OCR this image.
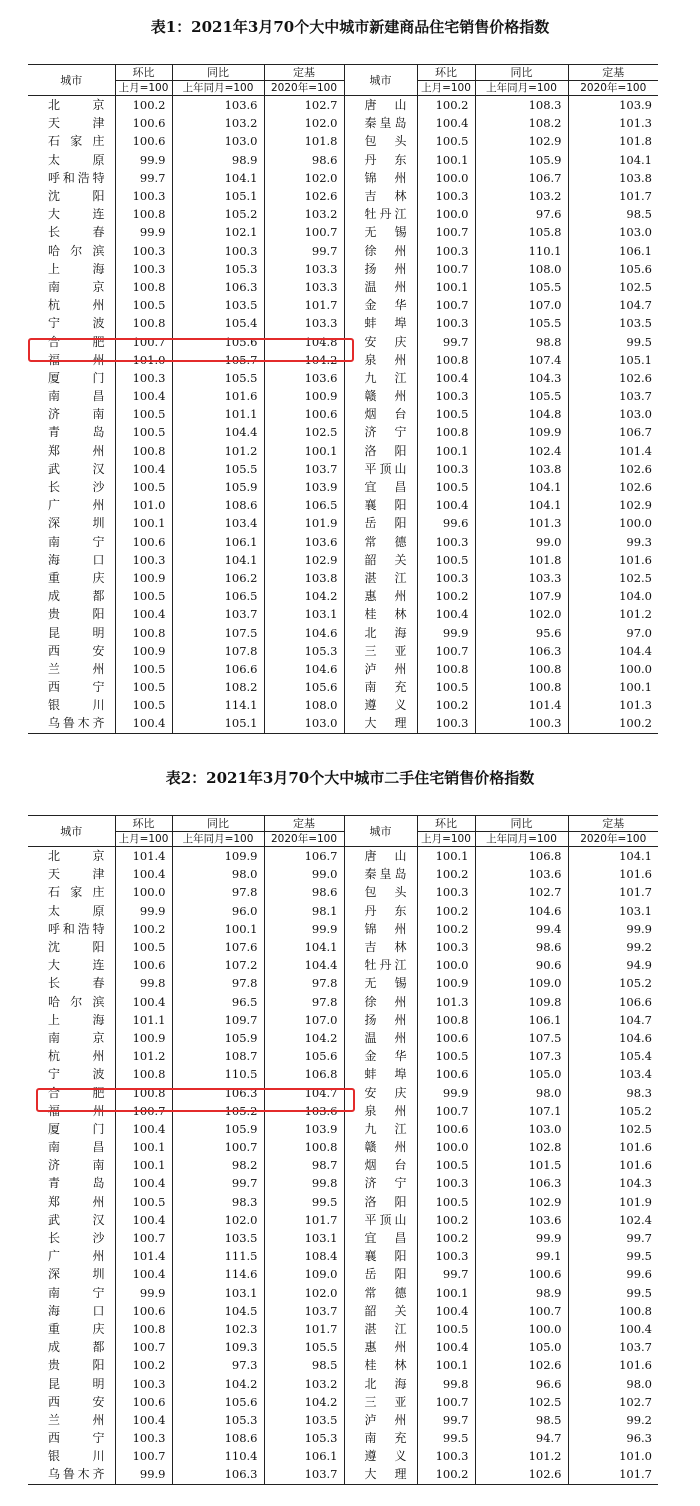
表1：2021年3月70个大中城市新建商品住宅销售价格指数
城市	环比	同比	定基	城市	环比	同比	定基
	上月=100	上年同月=100	2020年=100		上月=100	上年同月=100	2020年=100
北京	100.2	103.6	102.7	唐山	100.2	108.3	103.9
天津	100.6	103.2	102.0	秦皇岛	100.4	108.2	101.3
石家庄	100.6	103.0	101.8	包头	100.5	102.9	101.8
太原	99.9	98.9	98.6	丹东	100.1	105.9	104.1
呼和浩特	99.7	104.1	102.0	锦州	100.0	106.7	103.8
沈阳	100.3	105.1	102.6	吉林	100.3	103.2	101.7
大连	100.8	105.2	103.2	牡丹江	100.0	97.6	98.5
长春	99.9	102.1	100.7	无锡	100.7	105.8	103.0
哈尔滨	100.3	100.3	99.7	徐州	100.3	110.1	106.1
上海	100.3	105.3	103.3	扬州	100.7	108.0	105.6
南京	100.8	106.3	103.3	温州	100.1	105.5	102.5
杭州	100.5	103.5	101.7	金华	100.7	107.0	104.7
宁波	100.8	105.4	103.3	蚌埠	100.3	105.5	103.5
合肥	100.7	105.6	104.8	安庆	99.7	98.8	99.5
福州	101.0	105.7	104.2	泉州	100.8	107.4	105.1
厦门	100.3	105.5	103.6	九江	100.4	104.3	102.6
南昌	100.4	101.6	100.9	赣州	100.3	105.5	103.7
济南	100.5	101.1	100.6	烟台	100.5	104.8	103.0
青岛	100.5	104.4	102.5	济宁	100.8	109.9	106.7
郑州	100.8	101.2	100.1	洛阳	100.1	102.4	101.4
武汉	100.4	105.5	103.7	平顶山	100.3	103.8	102.6
长沙	100.5	105.9	103.9	宜昌	100.5	104.1	102.6
广州	101.0	108.6	106.5	襄阳	100.4	104.1	102.9
深圳	100.1	103.4	101.9	岳阳	99.6	101.3	100.0
南宁	100.6	106.1	103.6	常德	100.3	99.0	99.3
海口	100.3	104.1	102.9	韶关	100.5	101.8	101.6
重庆	100.9	106.2	103.8	湛江	100.3	103.3	102.5
成都	100.5	106.5	104.2	惠州	100.2	107.9	104.0
贵阳	100.4	103.7	103.1	桂林	100.4	102.0	101.2
昆明	100.8	107.5	104.6	北海	99.9	95.6	97.0
西安	100.9	107.8	105.3	三亚	100.7	106.3	104.4
兰州	100.5	106.6	104.6	泸州	100.8	100.8	100.0
西宁	100.5	108.2	105.6	南充	100.5	100.8	100.1
银川	100.5	114.1	108.0	遵义	100.2	101.4	101.3
乌鲁木齐	100.4	105.1	103.0	大理	100.3	100.3	100.2
表2：2021年3月70个大中城市二手住宅销售价格指数
城市	环比	同比	定基	城市	环比	同比	定基
	上月=100	上年同月=100	2020年=100		上月=100	上年同月=100	2020年=100
北京	101.4	109.9	106.7	唐山	100.1	106.8	104.1
天津	100.4	98.0	99.0	秦皇岛	100.2	103.6	101.6
石家庄	100.0	97.8	98.6	包头	100.3	102.7	101.7
太原	99.9	96.0	98.1	丹东	100.2	104.6	103.1
呼和浩特	100.2	100.1	99.9	锦州	100.2	99.4	99.9
沈阳	100.5	107.6	104.1	吉林	100.3	98.6	99.2
大连	100.6	107.2	104.4	牡丹江	100.0	90.6	94.9
长春	99.8	97.8	97.8	无锡	100.9	109.0	105.2
哈尔滨	100.4	96.5	97.8	徐州	101.3	109.8	106.6
上海	101.1	109.7	107.0	扬州	100.8	106.1	104.7
南京	100.9	105.9	104.2	温州	100.6	107.5	104.6
杭州	101.2	108.7	105.6	金华	100.5	107.3	105.4
宁波	100.8	110.5	106.8	蚌埠	100.6	105.0	103.4
合肥	100.8	106.3	104.7	安庆	99.9	98.0	98.3
福州	100.7	105.2	103.6	泉州	100.7	107.1	105.2
厦门	100.4	105.9	103.9	九江	100.6	103.0	102.5
南昌	100.1	100.7	100.8	赣州	100.0	102.8	101.6
济南	100.1	98.2	98.7	烟台	100.5	101.5	101.6
青岛	100.4	99.7	99.8	济宁	100.3	106.3	104.3
郑州	100.5	98.3	99.5	洛阳	100.5	102.9	101.9
武汉	100.4	102.0	101.7	平顶山	100.2	103.6	102.4
长沙	100.7	103.5	103.1	宜昌	100.2	99.9	99.7
广州	101.4	111.5	108.4	襄阳	100.3	99.1	99.5
深圳	100.4	114.6	109.0	岳阳	99.7	100.6	99.6
南宁	99.9	103.1	102.0	常德	100.1	98.9	99.5
海口	100.6	104.5	103.7	韶关	100.4	100.7	100.8
重庆	100.8	102.3	101.7	湛江	100.5	100.0	100.4
成都	100.7	109.3	105.5	惠州	100.4	105.0	103.7
贵阳	100.2	97.3	98.5	桂林	100.1	102.6	101.6
昆明	100.3	104.2	103.2	北海	99.8	96.6	98.0
西安	100.6	105.6	104.2	三亚	100.7	102.5	102.7
兰州	100.4	105.3	103.5	泸州	99.7	98.5	99.2
西宁	100.3	108.6	105.3	南充	99.5	94.7	96.3
银川	100.7	110.4	106.1	遵义	100.3	101.2	101.0
乌鲁木齐	99.9	106.3	103.7	大理	100.2	102.6	101.7
